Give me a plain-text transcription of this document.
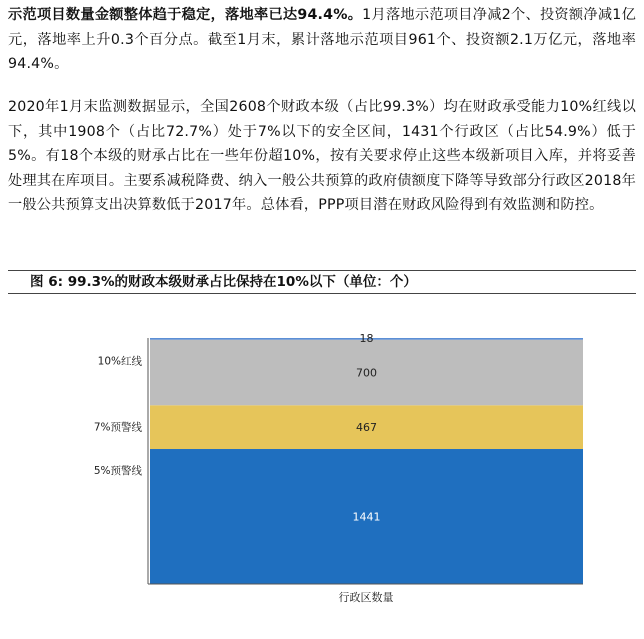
示范项目数量金额整体趋于稳定，落地率已达94.4%。1月落地示范项目净减2个、投资额净减1亿元，落地率上升0.3个百分点。截至1月末，累计落地示范项目961个、投资额2.1万亿元，落地率94.4%。
2020年1月末监测数据显示，全国2608个财政本级（占比99.3%）均在财政承受能力10%红线以下，其中1908个（占比72.7%）处于7%以下的安全区间，1431个行政区（占比54.9%）低于5%。有18个本级的财承占比在一些年份超10%，按有关要求停止这些本级新项目入库，并将妥善处理其在库项目。主要系减税降费、纳入一般公共预算的政府债额度下降等导致部分行政区2018年一般公共预算支出决算数低于2017年。总体看，PPP项目潜在财政风险得到有效监测和防控。
图 6: 99.3%的财政本级财承占比保持在10%以下（单位：个）
1441
467
700
18
5%预警线
7%预警线
10%红线
行政区数量
